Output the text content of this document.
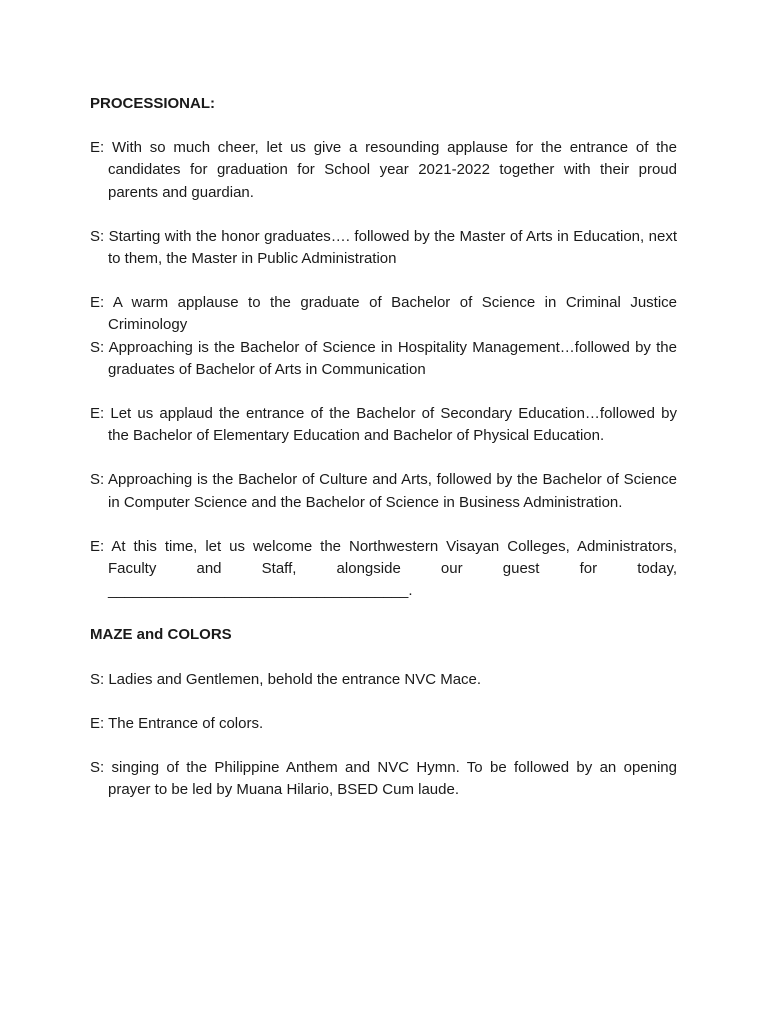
PROCESSIONAL:

E: With so much cheer, let us give a resounding applause for the entrance of the candidates for graduation for School year 2021-2022 together with their proud parents and guardian.

S: Starting with the honor graduates…. followed by the Master of Arts in Education, next to them, the Master in Public Administration

E: A warm applause to the graduate of Bachelor of Science in Criminal Justice Criminology

S: Approaching is the Bachelor of Science in Hospitality Management…followed by the graduates of Bachelor of Arts in Communication

E: Let us applaud the entrance of the Bachelor of Secondary Education…followed by the Bachelor of Elementary Education and Bachelor of Physical Education.

S: Approaching is the Bachelor of Culture and Arts, followed by the Bachelor of Science in Computer Science and the Bachelor of Science in Business Administration.

E: At this time, let us welcome the Northwestern Visayan Colleges, Administrators, Faculty and Staff, alongside our guest for today, ____________________________________.

MAZE and COLORS

S: Ladies and Gentlemen, behold the entrance NVC Mace.

E: The Entrance of colors.

S: singing of the Philippine Anthem and NVC Hymn. To be followed by an opening prayer to be led by Muana Hilario, BSED Cum laude.
